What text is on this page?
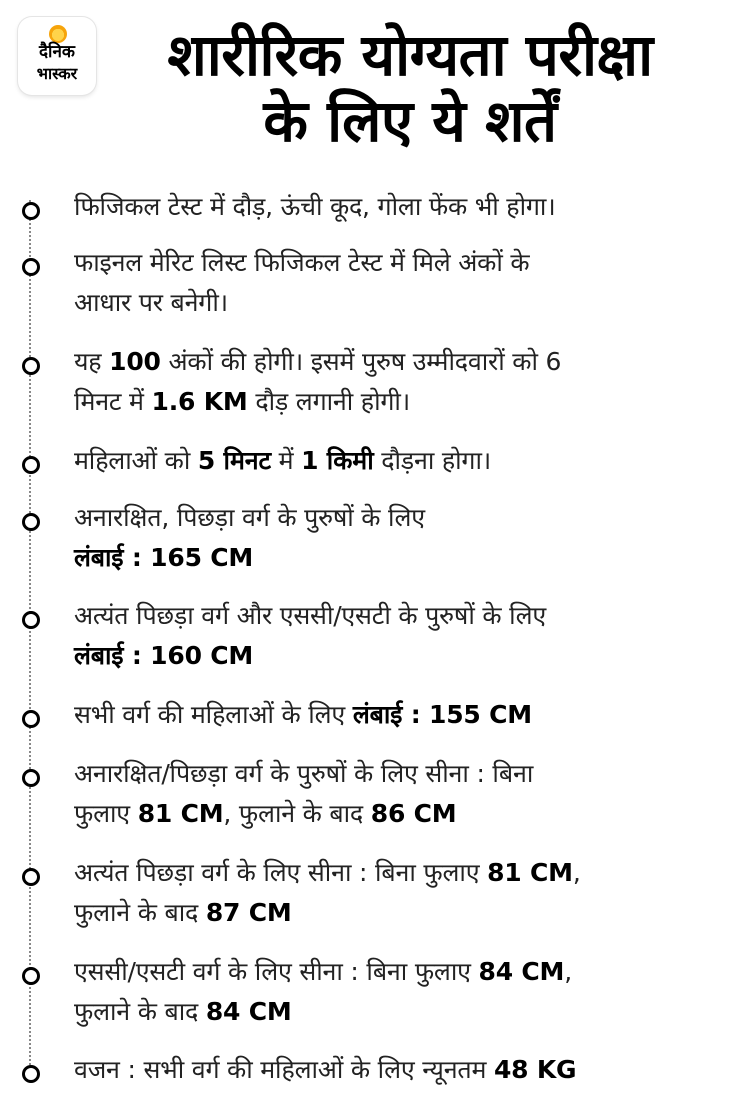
दैनिक
भास्कर	शारीरिक योग्यता परीक्षा
के लिए ये शर्तें
फिजिकल टेस्ट में दौड़, ऊंची कूद, गोला फेंक भी होगा।
फाइनल मेरिट लिस्ट फिजिकल टेस्ट में मिले अंकों के
आधार पर बनेगी।
यह 100 अंकों की होगी। इसमें पुरुष उम्मीदवारों को 6
मिनट में 1.6 KM दौड़ लगानी होगी।
महिलाओं को 5 मिनट में 1 किमी दौड़ना होगा।
अनारक्षित, पिछड़ा वर्ग के पुरुषों के लिए
लंबाई : 165 CM
अत्यंत पिछड़ा वर्ग और एससी/एसटी के पुरुषों के लिए
लंबाई : 160 CM
सभी वर्ग की महिलाओं के लिए लंबाई : 155 CM
अनारक्षित/पिछड़ा वर्ग के पुरुषों के लिए सीना : बिना
फुलाए 81 CM, फुलाने के बाद 86 CM
अत्यंत पिछड़ा वर्ग के लिए सीना : बिना फुलाए 81 CM,
फुलाने के बाद 87 CM
एससी/एसटी वर्ग के लिए सीना : बिना फुलाए 84 CM,
फुलाने के बाद 84 CM
वजन : सभी वर्ग की महिलाओं के लिए न्यूनतम 48 KG
